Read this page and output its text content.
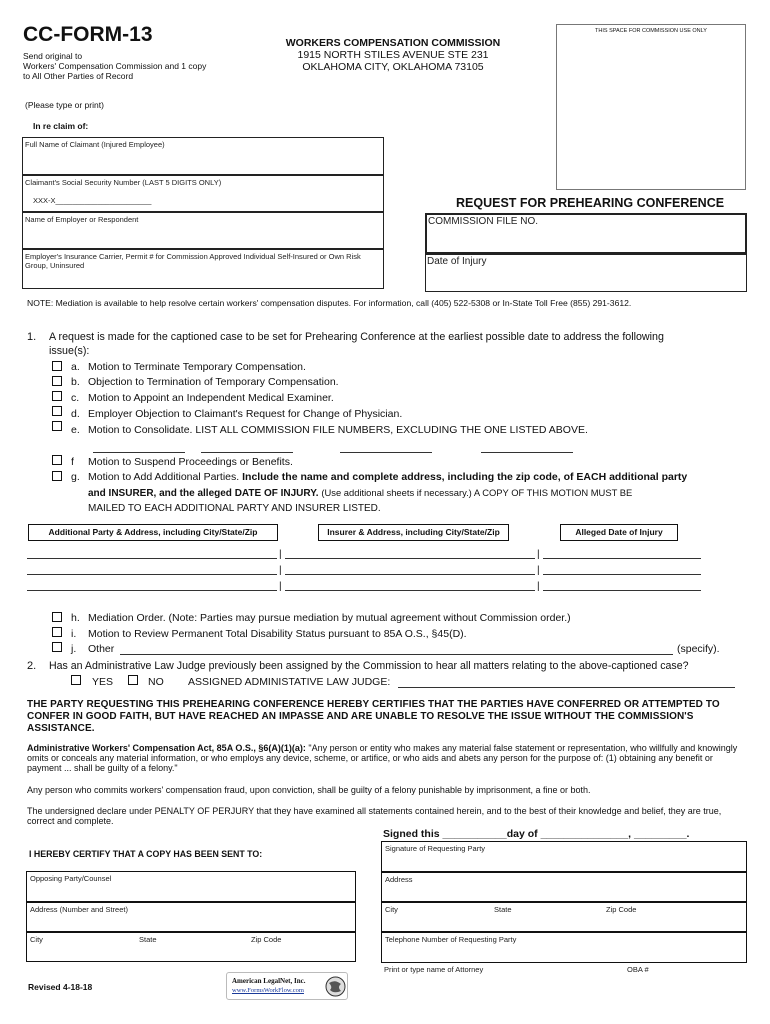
CC-FORM-13
Send original to
Workers' Compensation Commission and 1 copy
to All Other Parties of Record
WORKERS COMPENSATION COMMISSION
1915 NORTH STILES AVENUE STE 231
OKLAHOMA CITY, OKLAHOMA 73105
THIS SPACE FOR COMMISSION USE ONLY
(Please type or print)
In re claim of:
Full Name of Claimant (Injured Employee)
Claimant's Social Security Number (LAST 5 DIGITS ONLY)
XXX-X_______________________
Name of Employer or Respondent
Employer's Insurance Carrier, Permit # for Commission Approved Individual Self-Insured or Own Risk Group, Uninsured
REQUEST FOR PREHEARING CONFERENCE
COMMISSION FILE NO.
Date of Injury
NOTE: Mediation is available to help resolve certain workers' compensation disputes. For information, call (405) 522-5308 or In-State Toll Free (855) 291-3612.
1. A request is made for the captioned case to be set for Prehearing Conference at the earliest possible date to address the following
issue(s):
a. Motion to Terminate Temporary Compensation.
b. Objection to Termination of Temporary Compensation.
c. Motion to Appoint an Independent Medical Examiner.
d. Employer Objection to Claimant's Request for Change of Physician.
e. Motion to Consolidate. LIST ALL COMMISSION FILE NUMBERS, EXCLUDING THE ONE LISTED ABOVE.
f Motion to Suspend Proceedings or Benefits.
g. Motion to Add Additional Parties. Include the name and complete address, including the zip code, of EACH additional party
and INSURER, and the alleged DATE OF INJURY. (Use additional sheets if necessary.) A COPY OF THIS MOTION MUST BE
MAILED TO EACH ADDITIONAL PARTY AND INSURER LISTED.
Additional Party & Address, including City/State/Zip	Insurer & Address, including City/State/Zip	Alleged Date of Injury
|	|
|	|
|	|
h. Mediation Order. (Note: Parties may pursue mediation by mutual agreement without Commission order.)
i. Motion to Review Permanent Total Disability Status pursuant to 85A O.S., §45(D).
j. Other	(specify).
2. Has an Administrative Law Judge previously been assigned by the Commission to hear all matters relating to the above-captioned case?
YES	NO ASSIGNED ADMINISTATIVE LAW JUDGE:
THE PARTY REQUESTING THIS PREHEARING CONFERENCE HEREBY CERTIFIES THAT THE PARTIES HAVE CONFERRED OR ATTEMPTED TO CONFER IN GOOD FAITH, BUT HAVE REACHED AN IMPASSE AND ARE UNABLE TO RESOLVE THE ISSUE WITHOUT THE COMMISSION'S ASSISTANCE.
Administrative Workers' Compensation Act, 85A O.S., §6(A)(1)(a): "Any person or entity who makes any material false statement or representation, who willfully and knowingly omits or conceals any material information, or who employs any device, scheme, or artifice, or who aids and abets any person for the purpose of: (1) obtaining any benefit or payment ... shall be guilty of a felony."
Any person who commits workers' compensation fraud, upon conviction, shall be guilty of a felony punishable by imprisonment, a fine or both.
The undersigned declare under PENALTY OF PERJURY that they have examined all statements contained herein, and to the best of their knowledge and belief, they are true, correct and complete.
Signed this ___________day of _______________, _________.
I HEREBY CERTIFY THAT A COPY HAS BEEN SENT TO:
Signature of Requesting Party
Address
City	State	Zip Code
Telephone Number of Requesting Party
Print or type name of Attorney	OBA #
Opposing Party/Counsel
Address (Number and Street)
City	State	Zip Code
Revised 4-18-18
American LegalNet, Inc.
www.FormsWorkFlow.com
